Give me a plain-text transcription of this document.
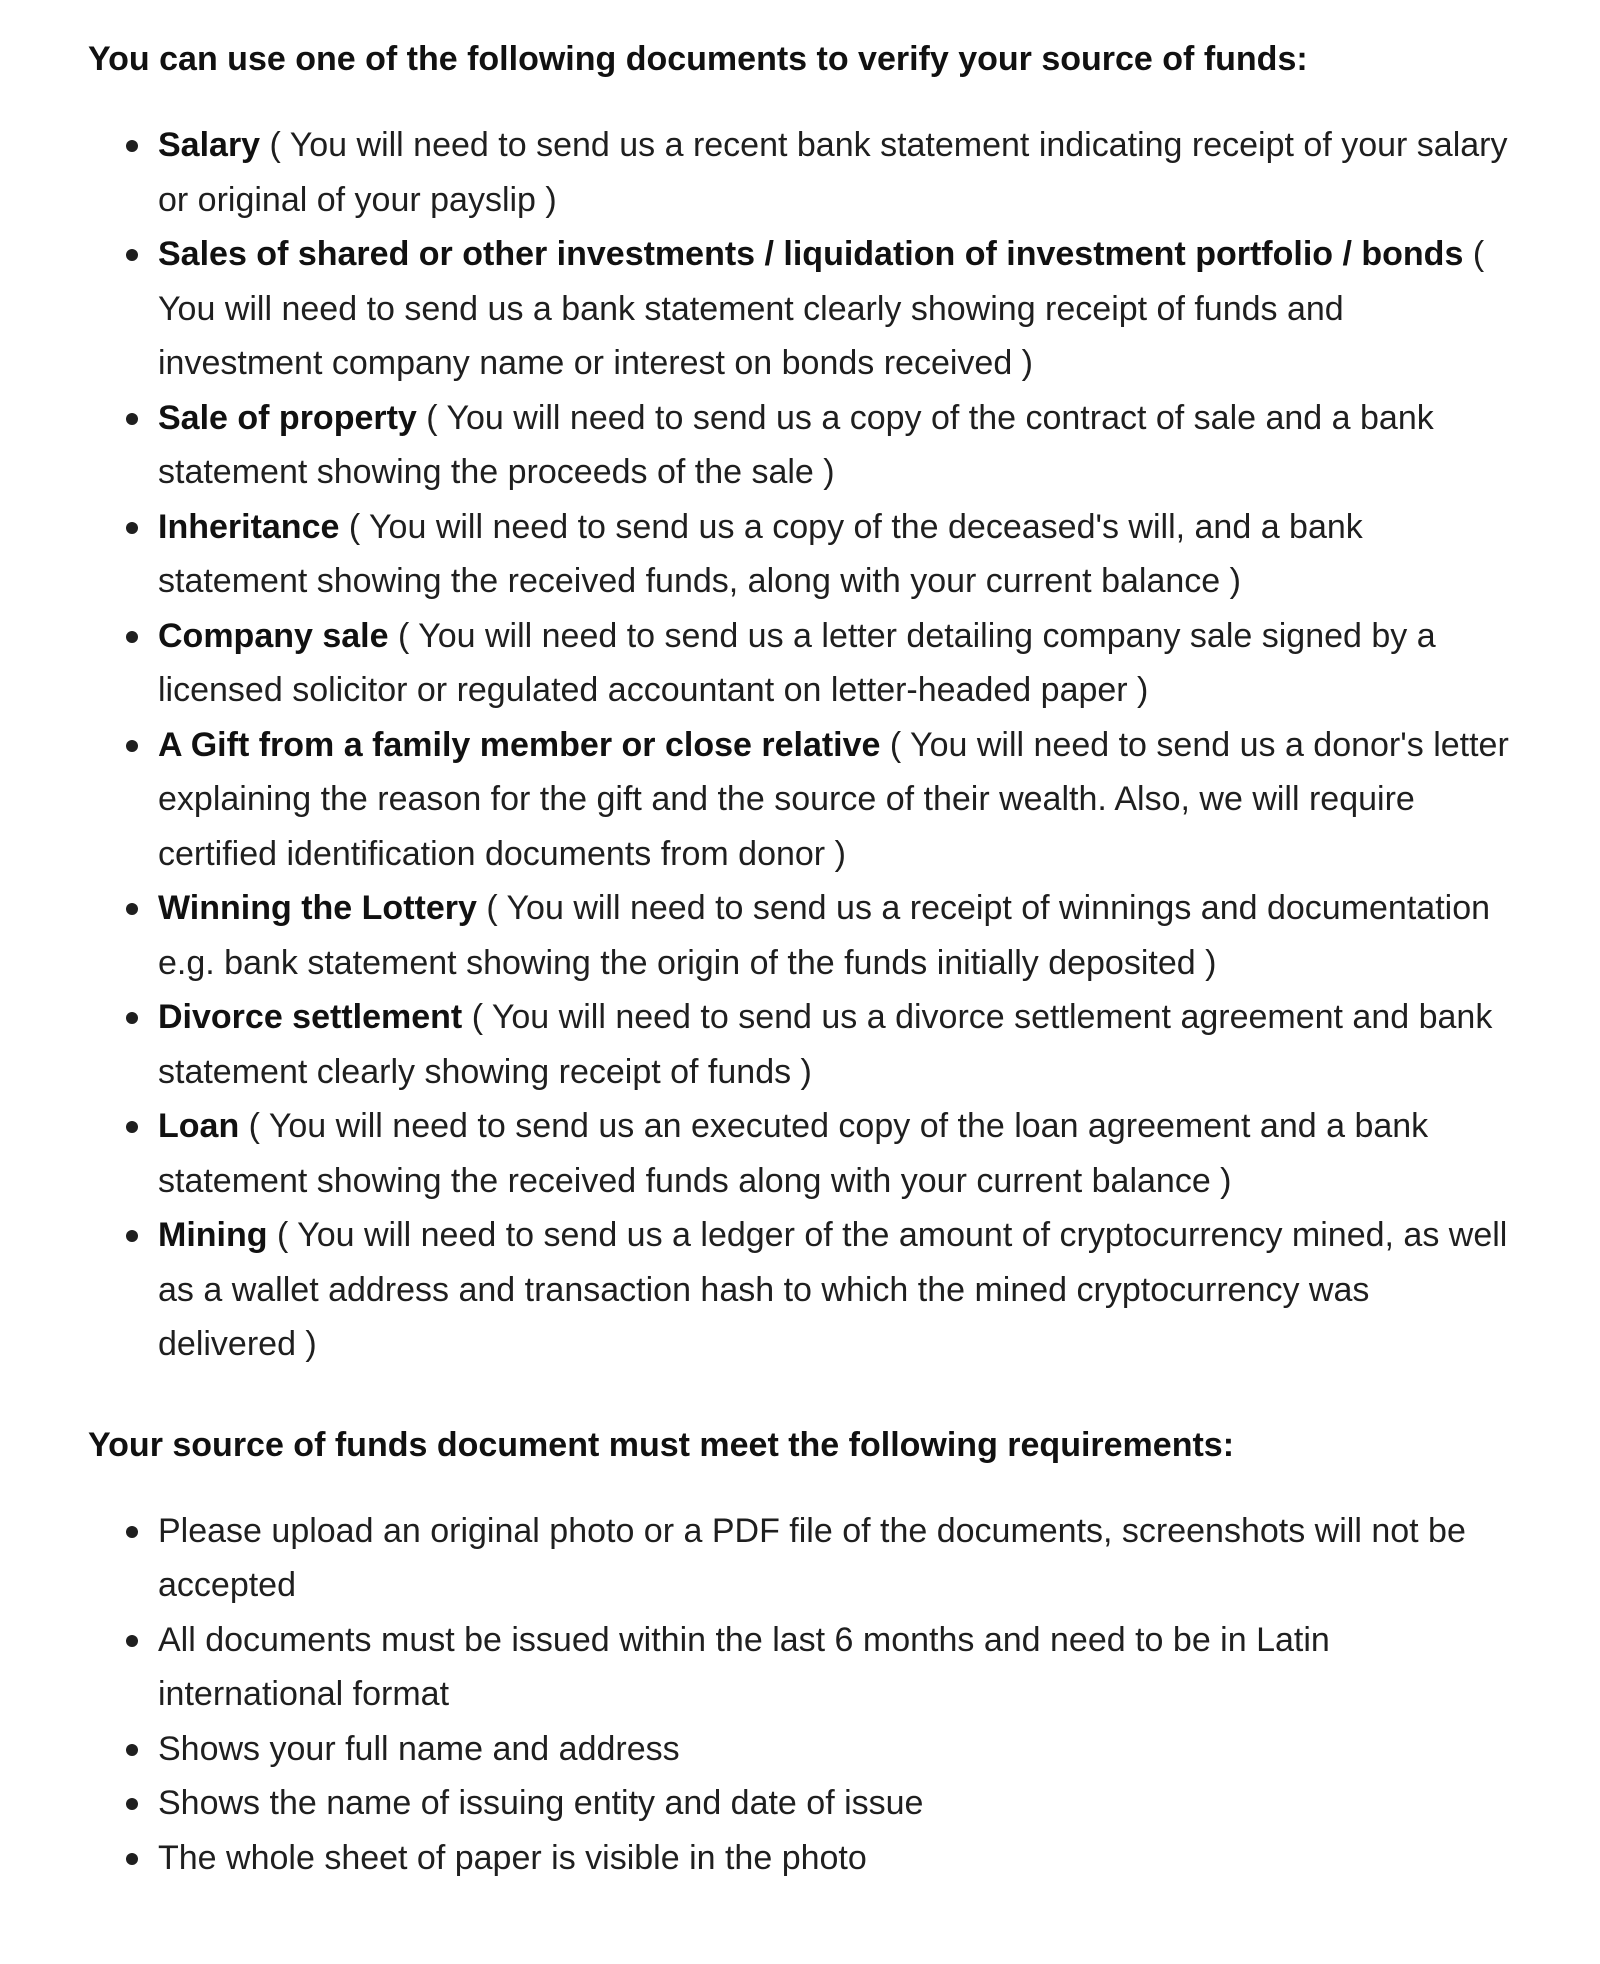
You can use one of the following documents to verify your source of funds:
Salary ( You will need to send us a recent bank statement indicating receipt of your salary or original of your payslip )
Sales of shared or other investments / liquidation of investment portfolio / bonds ( You will need to send us a bank statement clearly showing receipt of funds and investment company name or interest on bonds received )
Sale of property ( You will need to send us a copy of the contract of sale and a bank statement showing the proceeds of the sale )
Inheritance ( You will need to send us a copy of the deceased's will, and a bank statement showing the received funds, along with your current balance )
Company sale ( You will need to send us a letter detailing company sale signed by a licensed solicitor or regulated accountant on letter-headed paper )
A Gift from a family member or close relative ( You will need to send us a donor's letter explaining the reason for the gift and the source of their wealth. Also, we will require certified identification documents from donor )
Winning the Lottery ( You will need to send us a receipt of winnings and documentation e.g. bank statement showing the origin of the funds initially deposited )
Divorce settlement ( You will need to send us a divorce settlement agreement and bank statement clearly showing receipt of funds )
Loan ( You will need to send us an executed copy of the loan agreement and a bank statement showing the received funds along with your current balance )
Mining ( You will need to send us a ledger of the amount of cryptocurrency mined, as well as a wallet address and transaction hash to which the mined cryptocurrency was delivered )
Your source of funds document must meet the following requirements:
Please upload an original photo or a PDF file of the documents, screenshots will not be accepted
All documents must be issued within the last 6 months and need to be in Latin international format
Shows your full name and address
Shows the name of issuing entity and date of issue
The whole sheet of paper is visible in the photo
